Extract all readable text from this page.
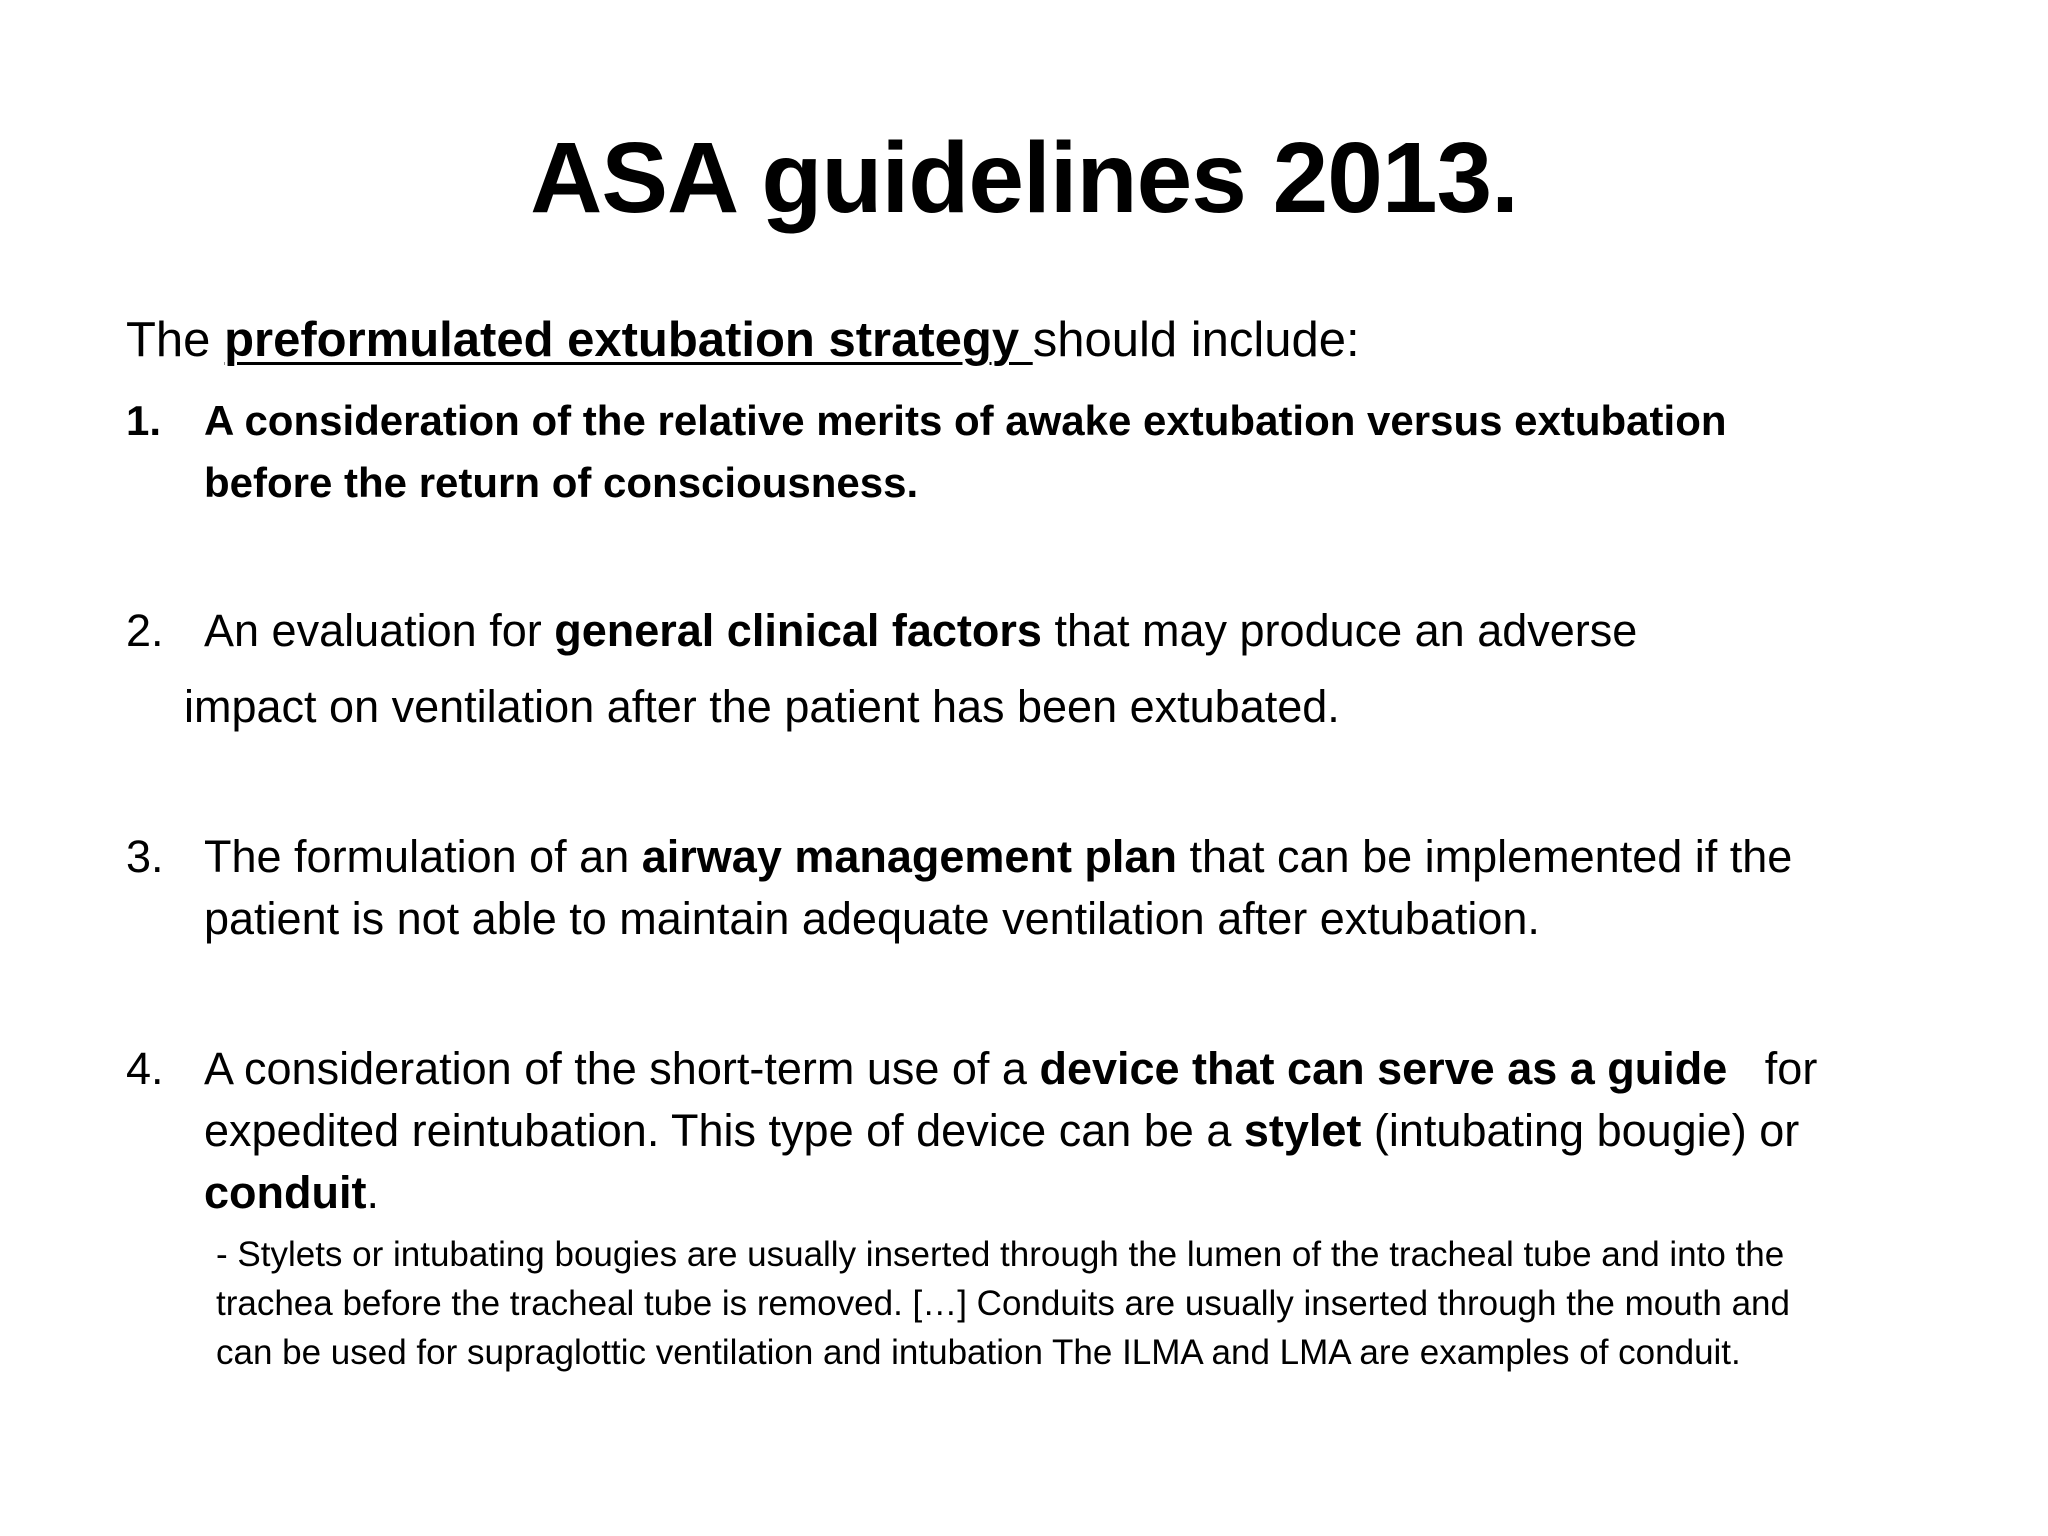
ASA guidelines 2013.
The preformulated extubation strategy should include:
1. A consideration of the relative merits of awake extubation versus extubation
before the return of consciousness.
2. An evaluation for general clinical factors that may produce an adverse
impact on ventilation after the patient has been extubated.
3. The formulation of an airway management plan that can be implemented if the
patient is not able to maintain adequate ventilation after extubation.
4. A consideration of the short-term use of a device that can serve as a guide   for
expedited reintubation. This type of device can be a stylet (intubating bougie) or
conduit.
- Stylets or intubating bougies are usually inserted through the lumen of the tracheal tube and into the
trachea before the tracheal tube is removed. […] Conduits are usually inserted through the mouth and
can be used for supraglottic ventilation and intubation The ILMA and LMA are examples of conduit.
